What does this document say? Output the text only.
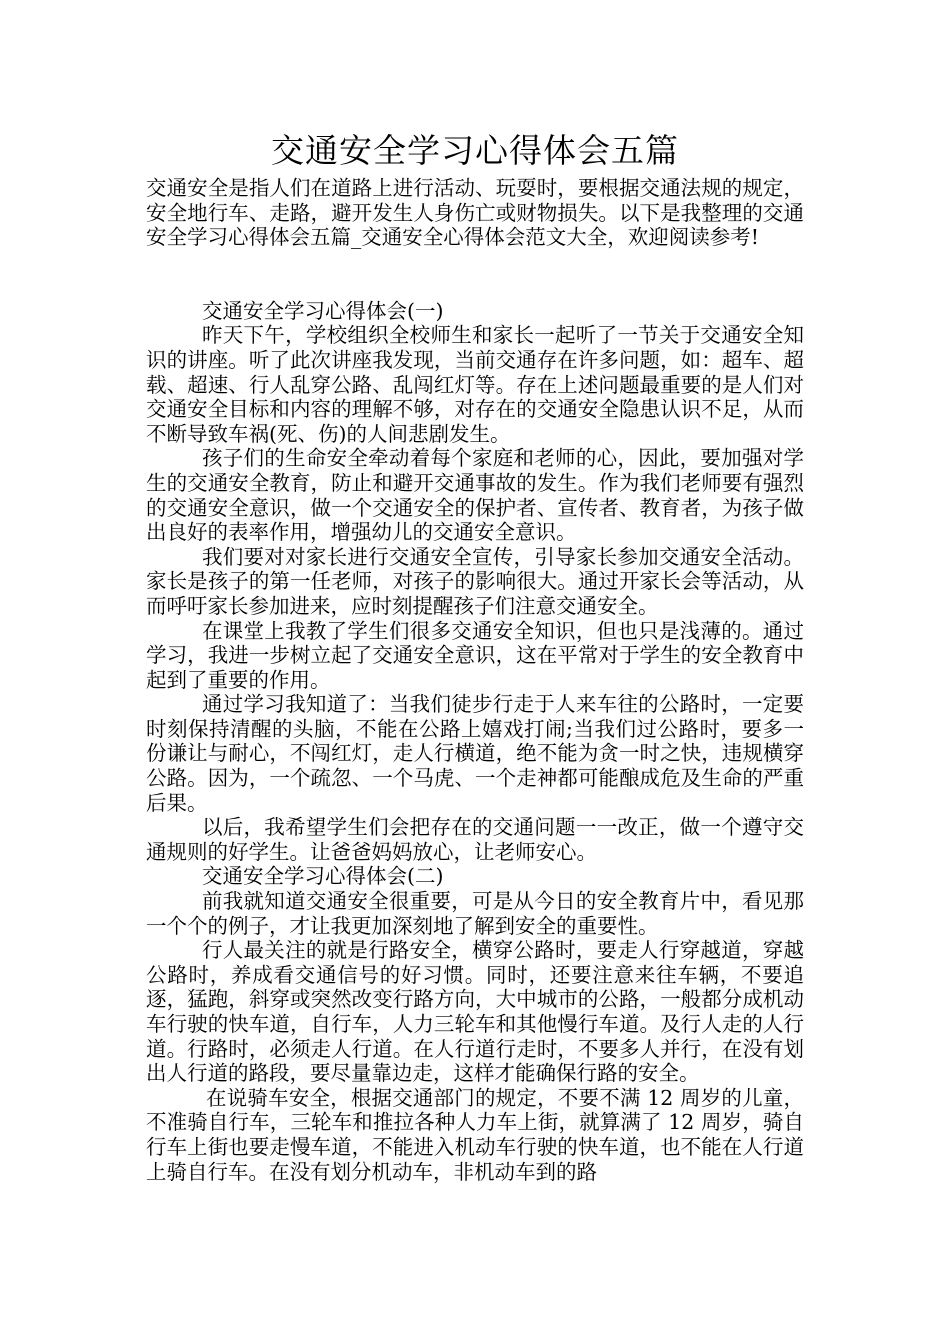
交通安全学习心得体会五篇

交通安全是指人们在道路上进行活动、玩耍时，要根据交通法规的规定，安全地行车、走路，避开发生人身伤亡或财物损失。以下是我整理的交通安全学习心得体会五篇_交通安全心得体会范文大全，欢迎阅读参考!

交通安全学习心得体会(一)

昨天下午，学校组织全校师生和家长一起听了一节关于交通安全知识的讲座。听了此次讲座我发现，当前交通存在许多问题，如：超车、超载、超速、行人乱穿公路、乱闯红灯等。存在上述问题最重要的是人们对交通安全目标和内容的理解不够，对存在的交通安全隐患认识不足，从而不断导致车祸(死、伤)的人间悲剧发生。

孩子们的生命安全牵动着每个家庭和老师的心，因此，要加强对学生的交通安全教育，防止和避开交通事故的发生。作为我们老师要有强烈的交通安全意识，做一个交通安全的保护者、宣传者、教育者，为孩子做出良好的表率作用，增强幼儿的交通安全意识。

我们要对对家长进行交通安全宣传，引导家长参加交通安全活动。家长是孩子的第一任老师，对孩子的影响很大。通过开家长会等活动，从而呼吁家长参加进来，应时刻提醒孩子们注意交通安全。

在课堂上我教了学生们很多交通安全知识，但也只是浅薄的。通过学习，我进一步树立起了交通安全意识，这在平常对于学生的安全教育中起到了重要的作用。

通过学习我知道了：当我们徒步行走于人来车往的公路时，一定要时刻保持清醒的头脑，不能在公路上嬉戏打闹;当我们过公路时，要多一份谦让与耐心，不闯红灯，走人行横道，绝不能为贪一时之快，违规横穿公路。因为，一个疏忽、一个马虎、一个走神都可能酿成危及生命的严重后果。

以后，我希望学生们会把存在的交通问题一一改正，做一个遵守交通规则的好学生。让爸爸妈妈放心，让老师安心。

交通安全学习心得体会(二)

前我就知道交通安全很重要，可是从今日的安全教育片中，看见那一个个的例子，才让我更加深刻地了解到安全的重要性。

行人最关注的就是行路安全，横穿公路时，要走人行穿越道，穿越公路时，养成看交通信号的好习惯。同时，还要注意来往车辆，不要追逐，猛跑，斜穿或突然改变行路方向，大中城市的公路，一般都分成机动车行驶的快车道，自行车，人力三轮车和其他慢行车道。及行人走的人行道。行路时，必须走人行道。在人行道行走时，不要多人并行，在没有划出人行道的路段，要尽量靠边走，这样才能确保行路的安全。

在说骑车安全，根据交通部门的规定，不要不满 12 周岁的儿童，不准骑自行车，三轮车和推拉各种人力车上街，就算满了 12 周岁，骑自行车上街也要走慢车道，不能进入机动车行驶的快车道，也不能在人行道上骑自行车。在没有划分机动车，非机动车到的路
